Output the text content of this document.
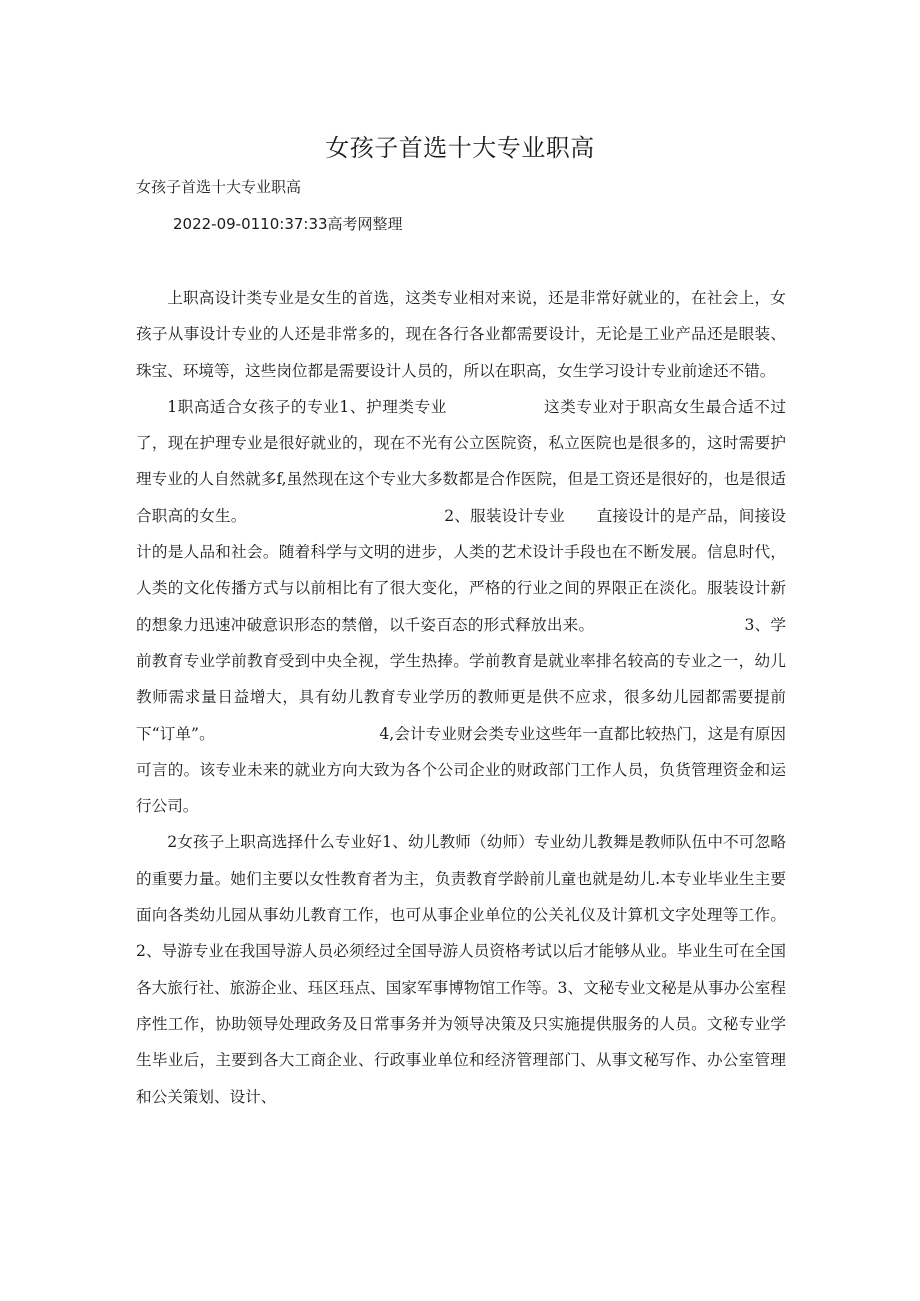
女孩子首选十大专业职高

女孩子首选十大专业职高

2022-09-0110:37:33高考网整理

上职高设计类专业是女生的首选，这类专业相对来说，还是非常好就业的，在社会上，女孩子从事设计专业的人还是非常多的，现在各行各业都需要设计，无论是工业产品还是眼装、珠宝、环境等，这些岗位都是需要设计人员的，所以在职高，女生学习设计专业前途还不错。

1职高适合女孩子的专业1、护理类专业　　　　　　这类专业对于职高女生最合适不过了，现在护理专业是很好就业的，现在不光有公立医院资，私立医院也是很多的，这时需要护理专业的人自然就多f,虽然现在这个专业大多数都是合作医院，但是工资还是很好的，也是很适合职高的女生。　　　　　　　　　　　　　2、服装设计专业　　直接设计的是产品，间接设计的是人品和社会。随着科学与文明的进步，人类的艺术设计手段也在不断发展。信息时代，人类的文化传播方式与以前相比有了很大变化，严格的行业之间的界限正在淡化。服装设计新的想象力迅速冲破意识形态的禁僧，以千姿百态的形式释放出来。　　　　　　　　　　3、学前教育专业学前教育受到中央全视，学生热捧。学前教育是就业率排名较高的专业之一，幼儿教师需求量日益增大，具有幼儿教育专业学历的教师更是供不应求，很多幼儿园都需要提前下“订单”。　　　　　　　　　　　4,会计专业财会类专业这些年一直都比较热门，这是有原因可言的。该专业未来的就业方向大致为各个公司企业的财政部门工作人员，负货管理资金和运行公司。

2女孩子上职高选择什么专业好1、幼儿教师（幼师）专业幼儿教舞是教师队伍中不可忽略的重要力量。她们主要以女性教育者为主，负责教育学龄前儿童也就是幼儿.本专业毕业生主要面向各类幼儿园从事幼儿教育工作，也可从事企业单位的公关礼仪及计算机文字处理等工作。2、导游专业在我国导游人员必须经过全国导游人员资格考试以后才能够从业。毕业生可在全国各大旅行社、旅游企业、珏区珏点、国家军事博物馆工作等。3、文秘专业文秘是从事办公室程序性工作，协助领导处理政务及日常事务并为领导决策及只实施提供服务的人员。文秘专业学生毕业后，主要到各大工商企业、行政事业单位和经济管理部门、从事文秘写作、办公室管理和公关策划、设计、
